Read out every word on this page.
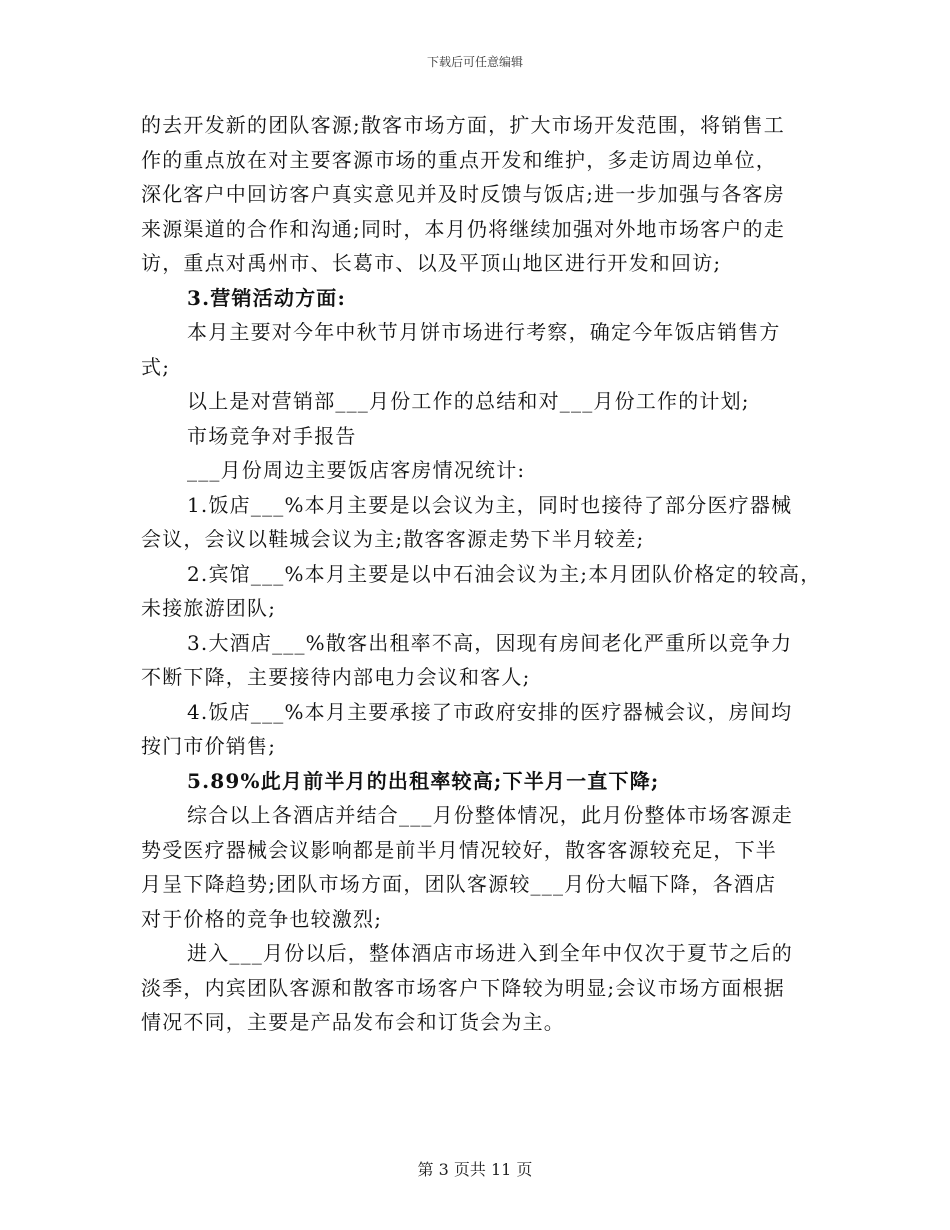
下载后可任意编辑
的去开发新的团队客源;散客市场方面，扩大市场开发范围，将销售工
作的重点放在对主要客源市场的重点开发和维护，多走访周边单位，
深化客户中回访客户真实意见并及时反馈与饭店;进一步加强与各客房
来源渠道的合作和沟通;同时，本月仍将继续加强对外地市场客户的走
访，重点对禹州市、长葛市、以及平顶山地区进行开发和回访;
3.营销活动方面:
本月主要对今年中秋节月饼市场进行考察，确定今年饭店销售方
式;
以上是对营销部___月份工作的总结和对___月份工作的计划;
市场竞争对手报告
___月份周边主要饭店客房情况统计:
1.饭店___%本月主要是以会议为主，同时也接待了部分医疗器械
会议，会议以鞋城会议为主;散客客源走势下半月较差;
2.宾馆___%本月主要是以中石油会议为主;本月团队价格定的较高，
未接旅游团队;
3.大酒店___%散客出租率不高，因现有房间老化严重所以竞争力
不断下降，主要接待内部电力会议和客人;
4.饭店___%本月主要承接了市政府安排的医疗器械会议，房间均
按门市价销售;
5.89%此月前半月的出租率较高;下半月一直下降;
综合以上各酒店并结合___月份整体情况，此月份整体市场客源走
势受医疗器械会议影响都是前半月情况较好，散客客源较充足，下半
月呈下降趋势;团队市场方面，团队客源较___月份大幅下降，各酒店
对于价格的竞争也较激烈;
进入___月份以后，整体酒店市场进入到全年中仅次于夏节之后的
淡季，内宾团队客源和散客市场客户下降较为明显;会议市场方面根据
情况不同，主要是产品发布会和订货会为主。
第 3 页共 11 页
